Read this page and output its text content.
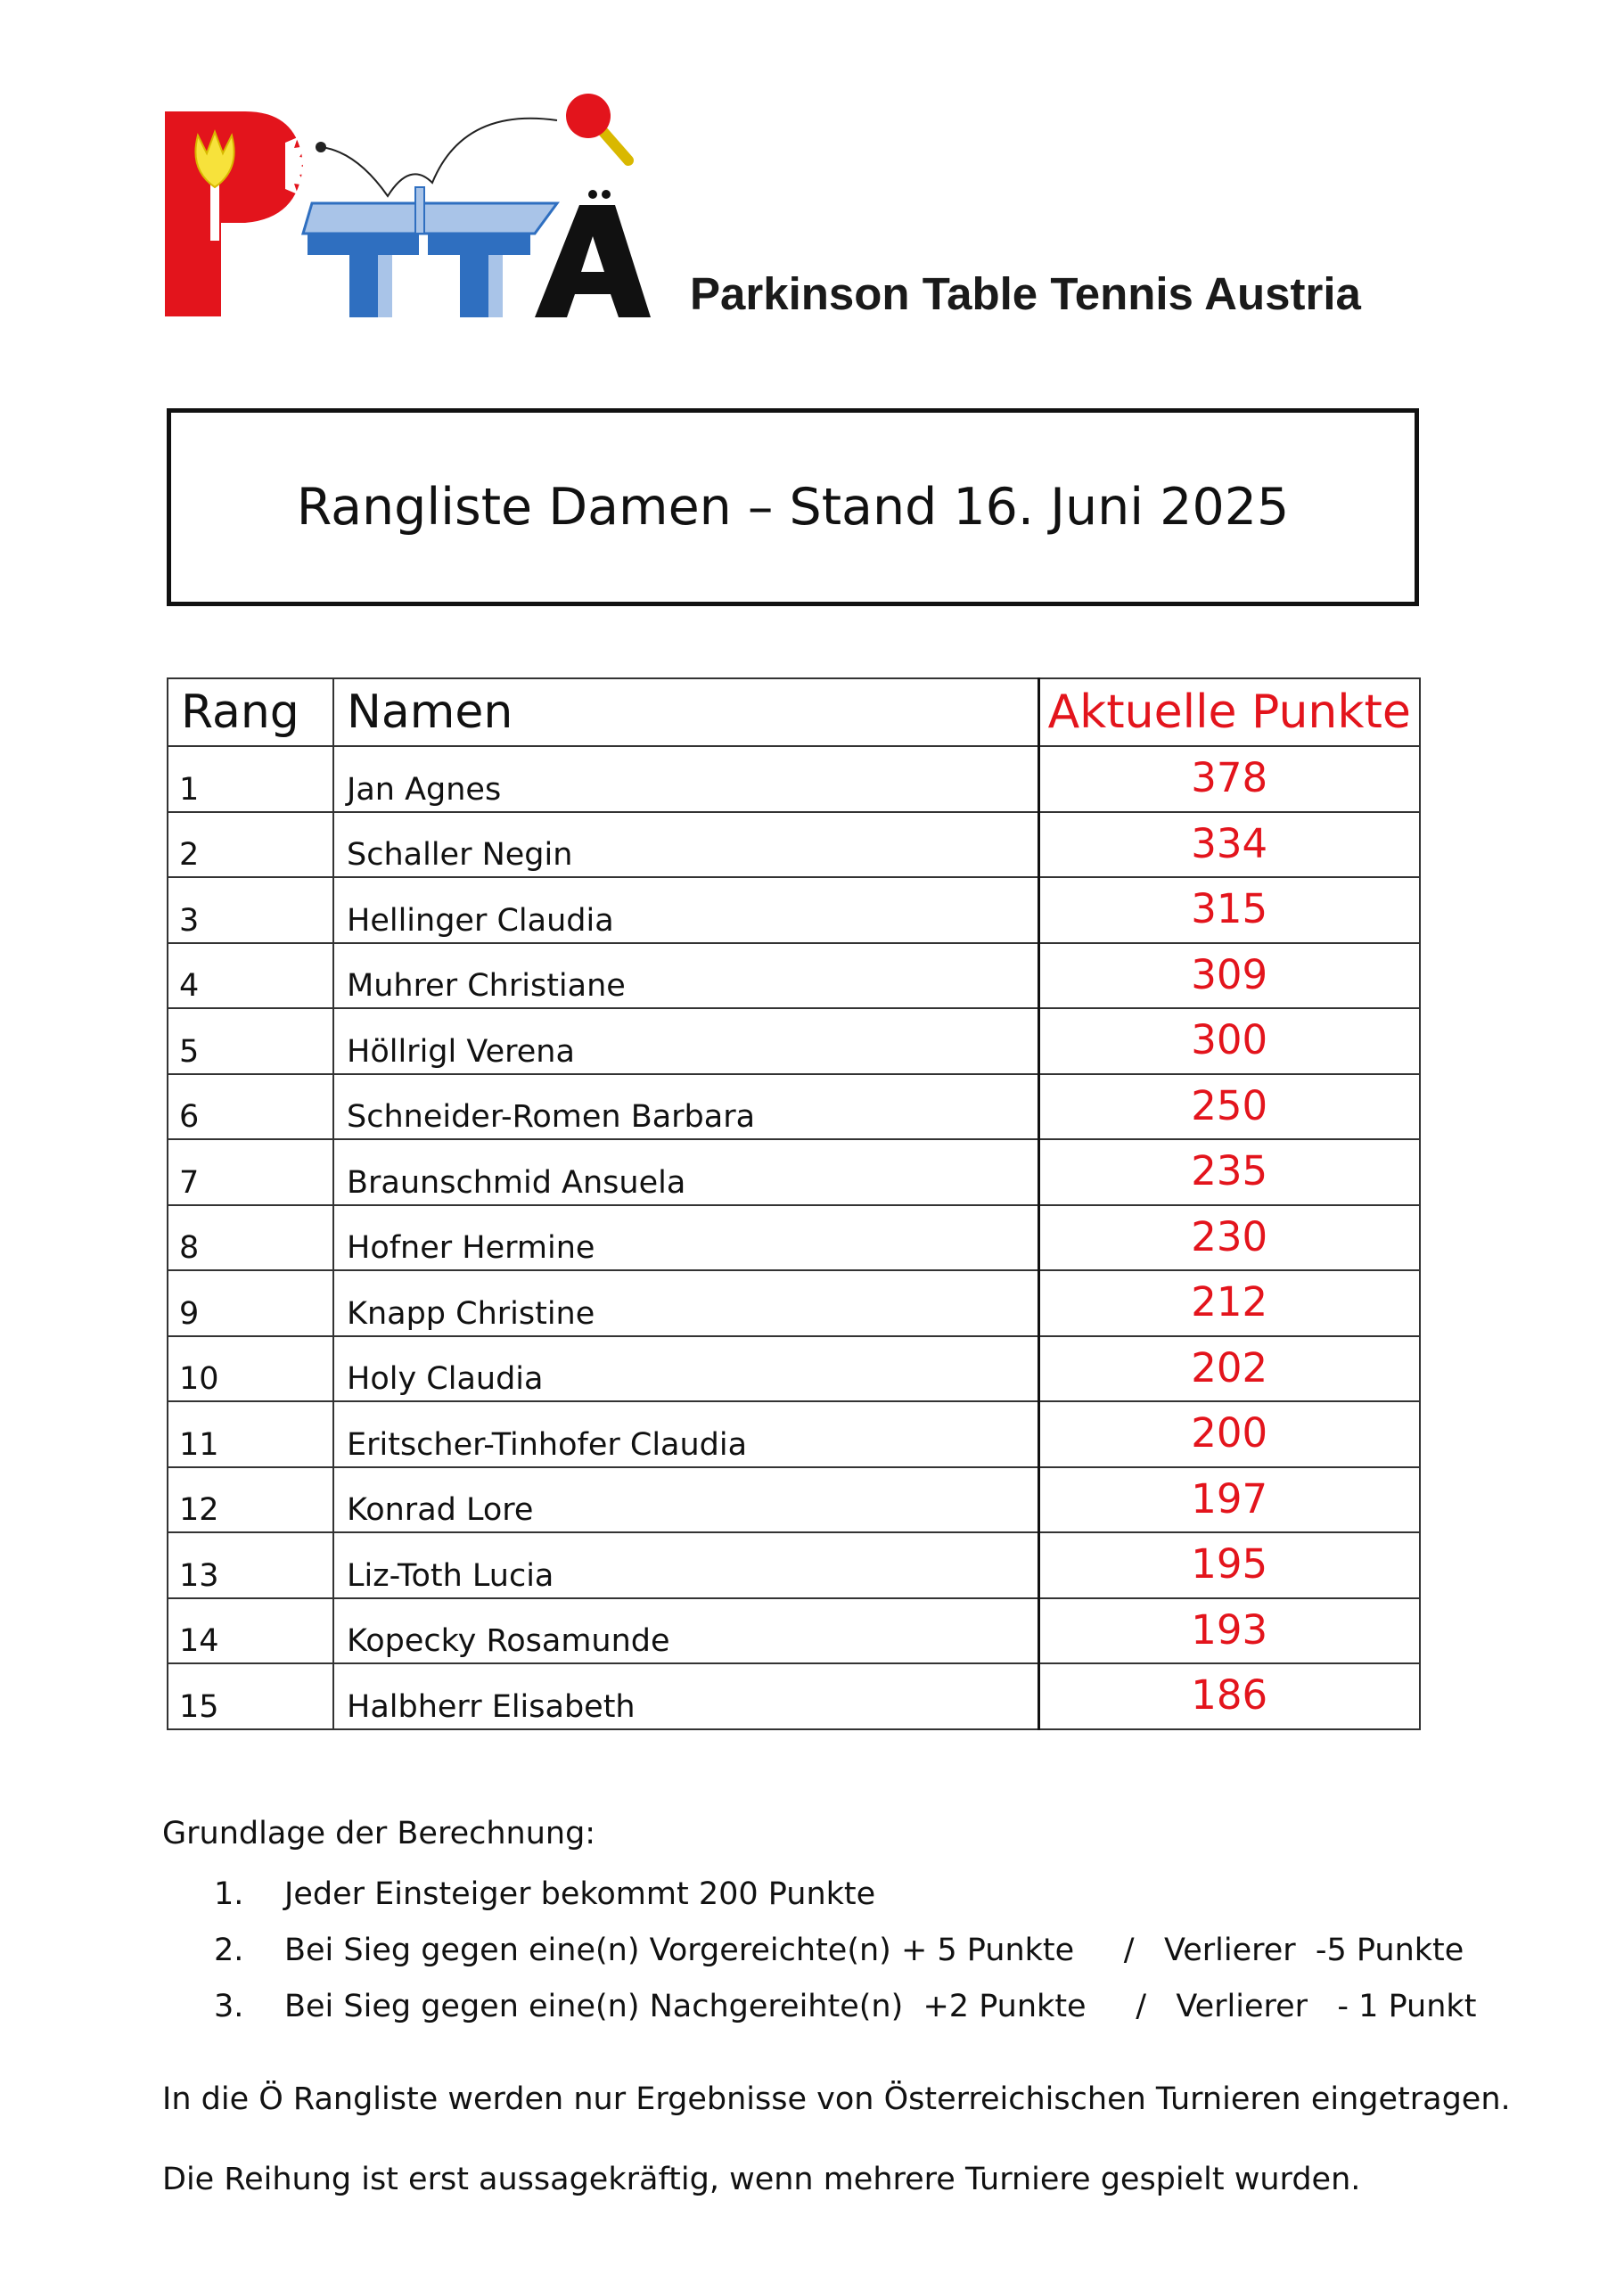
Parkinson Table Tennis Austria
Rangliste Damen – Stand 16. Juni 2025
Rang	Namen	Aktuelle Punkte
1	Jan Agnes	378
2	Schaller Negin	334
3	Hellinger Claudia	315
4	Muhrer Christiane	309
5	Höllrigl Verena	300
6	Schneider-Romen Barbara	250
7	Braunschmid Ansuela	235
8	Hofner Hermine	230
9	Knapp Christine	212
10	Holy Claudia	202
11	Eritscher-Tinhofer Claudia	200
12	Konrad Lore	197
13	Liz-Toth Lucia	195
14	Kopecky Rosamunde	193
15	Halbherr Elisabeth	186
Grundlage der Berechnung:
1.	Jeder Einsteiger bekommt 200 Punkte
2.	Bei Sieg gegen eine(n) Vorgereichte(n) + 5 Punkte     /   Verlierer  -5 Punkte
3.	Bei Sieg gegen eine(n) Nachgereihte(n)  +2 Punkte     /   Verlierer   - 1 Punkt
In die Ö Rangliste werden nur Ergebnisse von Österreichischen Turnieren eingetragen.
Die Reihung ist erst aussagekräftig, wenn mehrere Turniere gespielt wurden.
